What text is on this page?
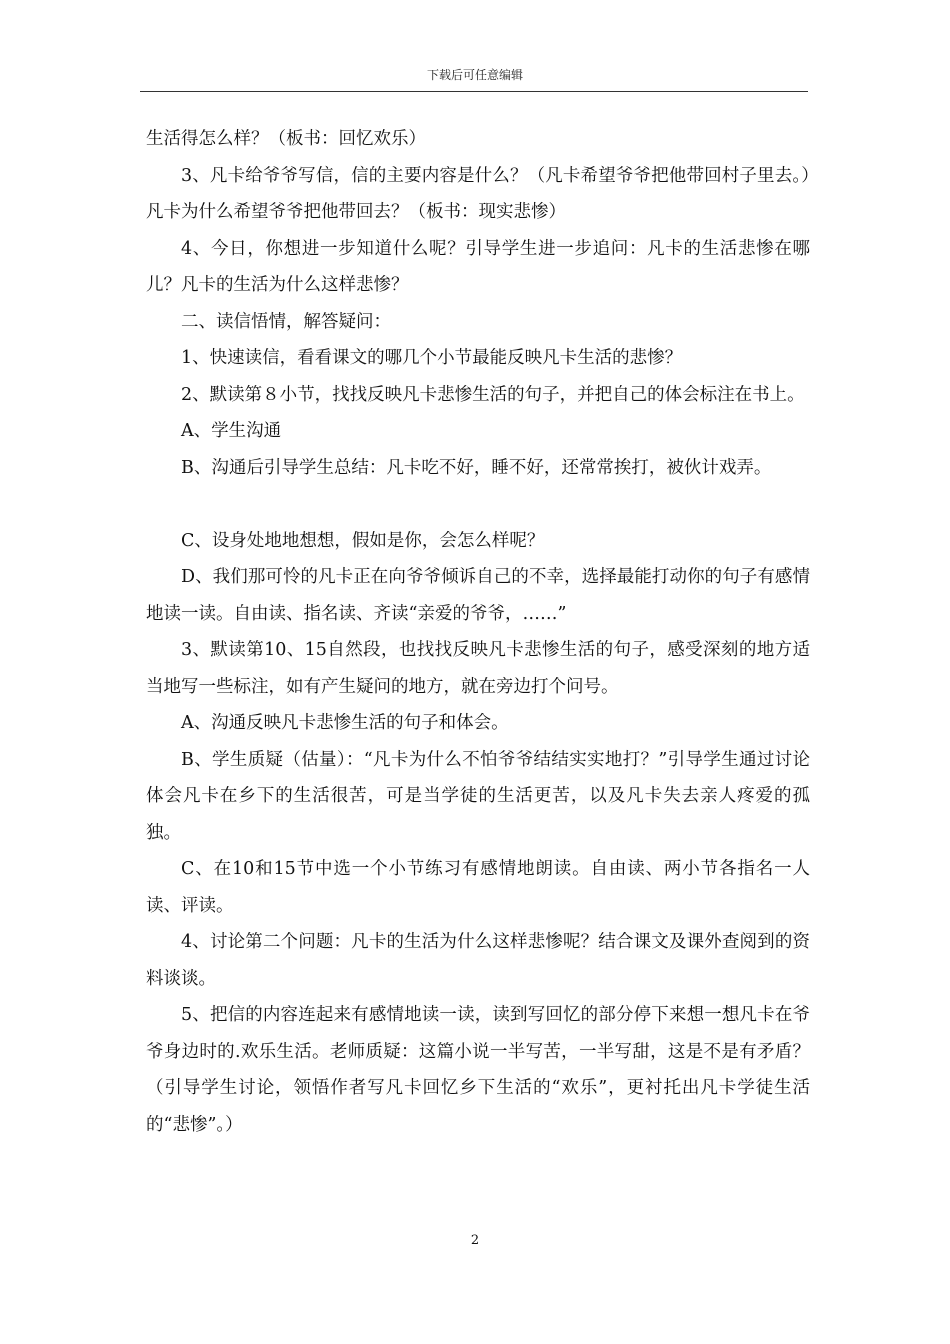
下载后可任意编辑

生活得怎么样？（板书：回忆欢乐）

3、凡卡给爷爷写信，信的主要内容是什么？（凡卡希望爷爷把他带回村子里去。）凡卡为什么希望爷爷把他带回去？（板书：现实悲惨）

4、今日，你想进一步知道什么呢？引导学生进一步追问：凡卡的生活悲惨在哪儿？凡卡的生活为什么这样悲惨？

二、读信悟情，解答疑问：

1、快速读信，看看课文的哪几个小节最能反映凡卡生活的悲惨？

2、默读第８小节，找找反映凡卡悲惨生活的句子，并把自己的体会标注在书上。

A、学生沟通

B、沟通后引导学生总结：凡卡吃不好，睡不好，还常常挨打，被伙计戏弄。

C、设身处地地想想，假如是你，会怎么样呢？

D、我们那可怜的凡卡正在向爷爷倾诉自己的不幸，选择最能打动你的句子有感情地读一读。自由读、指名读、齐读“亲爱的爷爷，……”

3、默读第10、15自然段，也找找反映凡卡悲惨生活的句子，感受深刻的地方适当地写一些标注，如有产生疑问的地方，就在旁边打个问号。

A、沟通反映凡卡悲惨生活的句子和体会。

B、学生质疑（估量）：“凡卡为什么不怕爷爷结结实实地打？”引导学生通过讨论体会凡卡在乡下的生活很苦，可是当学徒的生活更苦，以及凡卡失去亲人疼爱的孤独。

C、在10和15节中选一个小节练习有感情地朗读。自由读、两小节各指名一人读、评读。

4、讨论第二个问题：凡卡的生活为什么这样悲惨呢？结合课文及课外查阅到的资料谈谈。

5、把信的内容连起来有感情地读一读，读到写回忆的部分停下来想一想凡卡在爷爷身边时的.欢乐生活。老师质疑：这篇小说一半写苦，一半写甜，这是不是有矛盾？（引导学生讨论，领悟作者写凡卡回忆乡下生活的“欢乐”，更衬托出凡卡学徒生活的“悲惨”。）

2
